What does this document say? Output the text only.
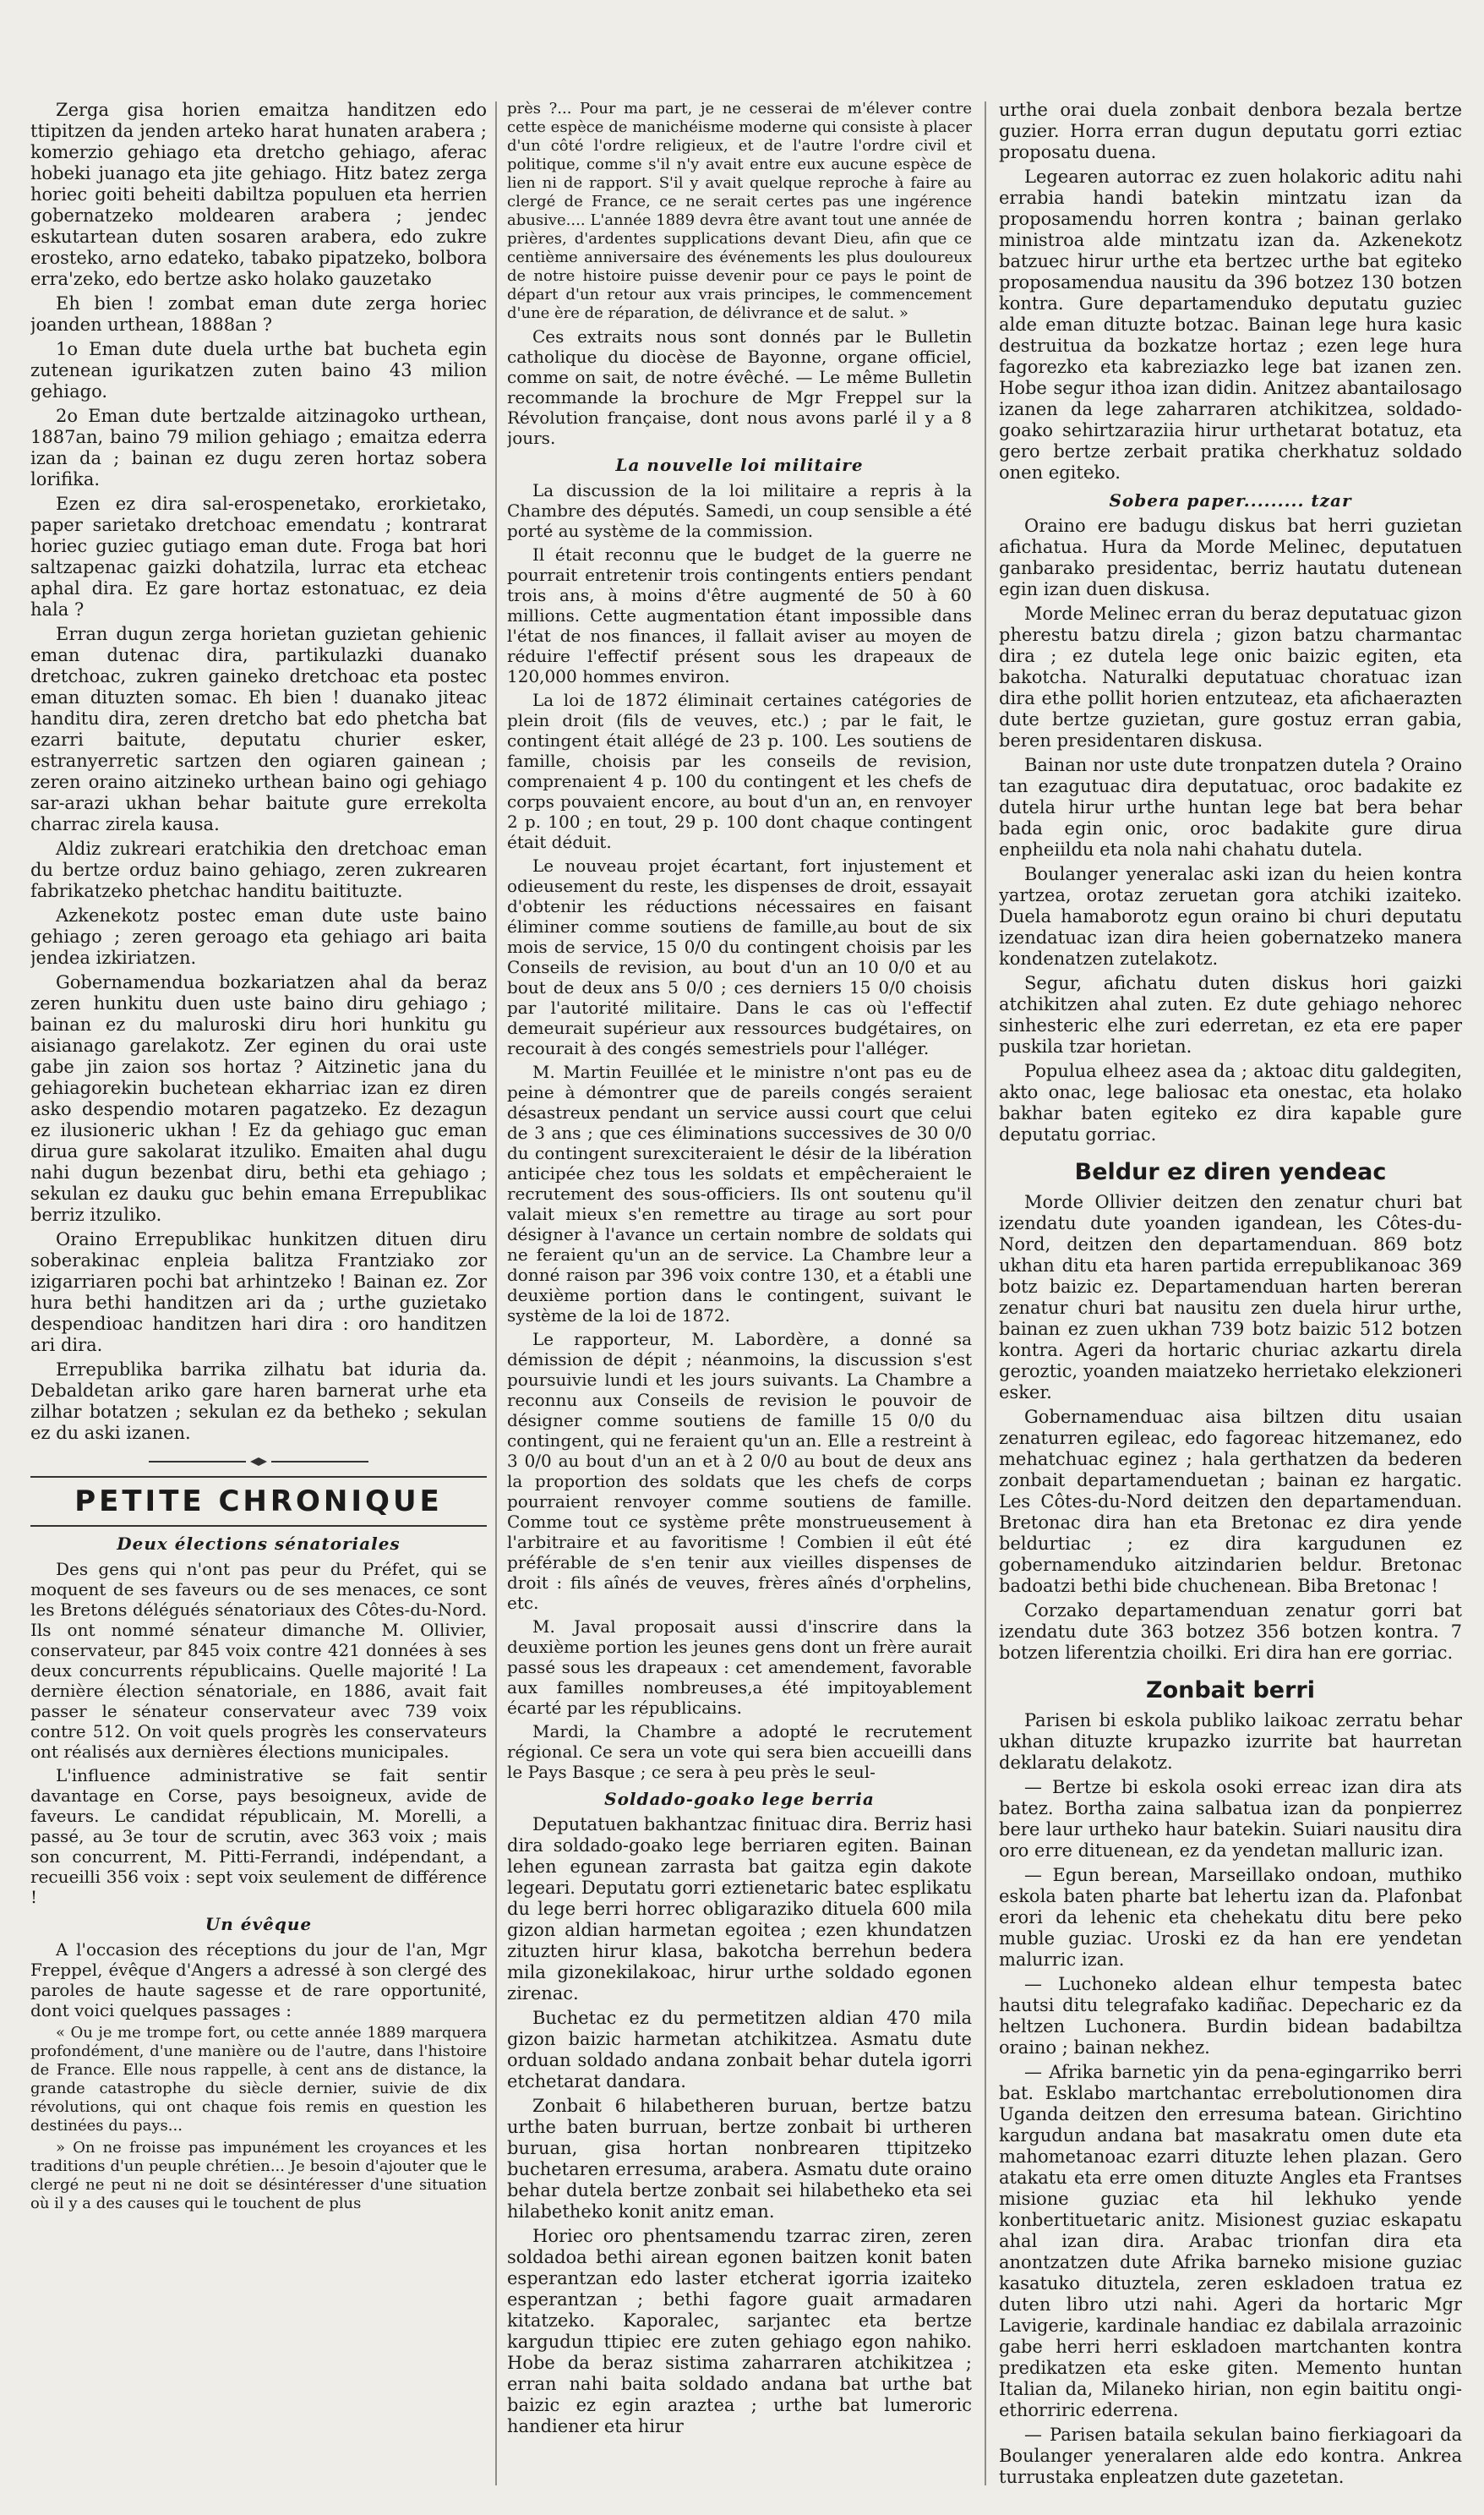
Zerga gisa horien emaitza handitzen edo ttipitzen da jenden arteko harat hunaten arabera ; komerzio gehiago eta dretcho gehiago, aferac hobeki juanago eta jite gehiago. Hitz batez zerga horiec goiti beheiti dabiltza populuen eta herrien gobernatzeko moldearen arabera ; jendec eskutartean duten sosaren arabera, edo zukre erosteko, arno edateko, tabako pipatzeko, bolbora erra'zeko, edo bertze asko holako gauzetako

Eh bien ! zombat eman dute zerga horiec joanden urthean, 1888an ?

1o Eman dute duela urthe bat bucheta egin zutenean igurikatzen zuten baino 43 milion gehiago.

2o Eman dute bertzalde aitzinagoko urthean, 1887an, baino 79 milion gehiago ; emaitza ederra izan da ; bainan ez dugu zeren hortaz sobera lorifika.

Ezen ez dira sal-erospenetako, erorkietako, paper sarietako dretchoac emendatu ; kontrarat horiec guziec gutiago eman dute. Froga bat hori saltzapenac gaizki dohatzila, lurrac eta etcheac aphal dira. Ez gare hortaz estonatuac, ez deia hala ?

Erran dugun zerga horietan guzietan gehienic eman dutenac dira, partikulazki duanako dretchoac, zukren gaineko dretchoac eta postec eman dituzten somac. Eh bien ! duanako jiteac handitu dira, zeren dretcho bat edo phetcha bat ezarri baitute, deputatu churier esker, estranyerretic sartzen den ogiaren gainean ; zeren oraino aitzineko urthean baino ogi gehiago sar-arazi ukhan behar baitute gure errekolta charrac zirela kausa.

Aldiz zukreari eratchikia den dretchoac eman du bertze orduz baino gehiago, zeren zukrearen fabrikatzeko phetchac handitu baitituzte.

Azkenekotz postec eman dute uste baino gehiago ; zeren geroago eta gehiago ari baita jendea izkiriatzen.

Gobernamendua bozkariatzen ahal da beraz zeren hunkitu duen uste baino diru gehiago ; bainan ez du maluroski diru hori hunkitu gu aisianago garelakotz. Zer eginen du orai uste gabe jin zaion sos hortaz ? Aitzinetic jana du gehiagorekin buchetean ekharriac izan ez diren asko despendio motaren pagatzeko. Ez dezagun ez ilusioneric ukhan ! Ez da gehiago guc eman dirua gure sakolarat itzuliko. Emaiten ahal dugu nahi dugun bezenbat diru, bethi eta gehiago ; sekulan ez dauku guc behin emana Errepublikac berriz itzuliko.

Oraino Errepublikac hunkitzen dituen diru soberakinac enpleia balitza Frantziako zor izigarriaren pochi bat arhintzeko ! Bainan ez. Zor hura bethi handitzen ari da ; urthe guzietako despendioac handitzen hari dira : oro handitzen ari dira.

Errepublika barrika zilhatu bat iduria da. Debaldetan ariko gare haren barnerat urhe eta zilhar botatzen ; sekulan ez da betheko ; sekulan ez du aski izanen.

PETITE CHRONIQUE
Deux élections sénatoriales

Des gens qui n'ont pas peur du Préfet, qui se moquent de ses faveurs ou de ses menaces, ce sont les Bretons délégués sénatoriaux des Côtes-du-Nord. Ils ont nommé sénateur dimanche M. Ollivier, conservateur, par 845 voix contre 421 données à ses deux concurrents républicains. Quelle majorité ! La dernière élection sénatoriale, en 1886, avait fait passer le sénateur conservateur avec 739 voix contre 512. On voit quels progrès les conservateurs ont réalisés aux dernières élections municipales.

L'influence administrative se fait sentir davantage en Corse, pays besoigneux, avide de faveurs. Le candidat républicain, M. Morelli, a passé, au 3e tour de scrutin, avec 363 voix ; mais son concurrent, M. Pitti-Ferrandi, indépendant, a recueilli 356 voix : sept voix seulement de différence !

Un évêque

A l'occasion des réceptions du jour de l'an, Mgr Freppel, évêque d'Angers a adressé à son clergé des paroles de haute sagesse et de rare opportunité, dont voici quelques passages :

« Ou je me trompe fort, ou cette année 1889 marquera profondément, d'une manière ou de l'autre, dans l'histoire de France. Elle nous rappelle, à cent ans de distance, la grande catastrophe du siècle dernier, suivie de dix révolutions, qui ont chaque fois remis en question les destinées du pays...

» On ne froisse pas impunément les croyances et les traditions d'un peuple chrétien... Je besoin d'ajouter que le clergé ne peut ni ne doit se désintéresser d'une situation où il y a des causes qui le touchent de plus

près ?... Pour ma part, je ne cesserai de m'élever contre cette espèce de manichéisme moderne qui consiste à placer d'un côté l'ordre religieux, et de l'autre l'ordre civil et politique, comme s'il n'y avait entre eux aucune espèce de lien ni de rapport. S'il y avait quelque reproche à faire au clergé de France, ce ne serait certes pas une ingérence abusive.... L'année 1889 devra être avant tout une année de prières, d'ardentes supplications devant Dieu, afin que ce centième anniversaire des événements les plus douloureux de notre histoire puisse devenir pour ce pays le point de départ d'un retour aux vrais principes, le commencement d'une ère de réparation, de délivrance et de salut. »

Ces extraits nous sont donnés par le Bulletin catholique du diocèse de Bayonne, organe officiel, comme on sait, de notre évêché. — Le même Bulletin recommande la brochure de Mgr Freppel sur la Révolution française, dont nous avons parlé il y a 8 jours.

La nouvelle loi militaire

La discussion de la loi militaire a repris à la Chambre des députés. Samedi, un coup sensible a été porté au système de la commission.

Il était reconnu que le budget de la guerre ne pourrait entretenir trois contingents entiers pendant trois ans, à moins d'être augmenté de 50 à 60 millions. Cette augmentation étant impossible dans l'état de nos finances, il fallait aviser au moyen de réduire l'effectif présent sous les drapeaux de 120,000 hommes environ.

La loi de 1872 éliminait certaines catégories de plein droit (fils de veuves, etc.) ; par le fait, le contingent était allégé de 23 p. 100. Les soutiens de famille, choisis par les conseils de revision, comprenaient 4 p. 100 du contingent et les chefs de corps pouvaient encore, au bout d'un an, en renvoyer 2 p. 100 ; en tout, 29 p. 100 dont chaque contingent était déduit.

Le nouveau projet écartant, fort injustement et odieusement du reste, les dispenses de droit, essayait d'obtenir les réductions nécessaires en faisant éliminer comme soutiens de famille,au bout de six mois de service, 15 0/0 du contingent choisis par les Conseils de revision, au bout d'un an 10 0/0 et au bout de deux ans 5 0/0 ; ces derniers 15 0/0 choisis par l'autorité militaire. Dans le cas où l'effectif demeurait supérieur aux ressources budgétaires, on recourait à des congés semestriels pour l'alléger.

M. Martin Feuillée et le ministre n'ont pas eu de peine à démontrer que de pareils congés seraient désastreux pendant un service aussi court que celui de 3 ans ; que ces éliminations successives de 30 0/0 du contingent surexciteraient le désir de la libération anticipée chez tous les soldats et empêcheraient le recrutement des sous-officiers. Ils ont soutenu qu'il valait mieux s'en remettre au tirage au sort pour désigner à l'avance un certain nombre de soldats qui ne feraient qu'un an de service. La Chambre leur a donné raison par 396 voix contre 130, et a établi une deuxième portion dans le contingent, suivant le système de la loi de 1872.

Le rapporteur, M. Labordère, a donné sa démission de dépit ; néanmoins, la discussion s'est poursuivie lundi et les jours suivants. La Chambre a reconnu aux Conseils de revision le pouvoir de désigner comme soutiens de famille 15 0/0 du contingent, qui ne feraient qu'un an. Elle a restreint à 3 0/0 au bout d'un an et à 2 0/0 au bout de deux ans la proportion des soldats que les chefs de corps pourraient renvoyer comme soutiens de famille. Comme tout ce système prête monstrueusement à l'arbitraire et au favoritisme ! Combien il eût été préférable de s'en tenir aux vieilles dispenses de droit : fils aînés de veuves, frères aînés d'orphelins, etc.

M. Javal proposait aussi d'inscrire dans la deuxième portion les jeunes gens dont un frère aurait passé sous les drapeaux : cet amendement, favorable aux familles nombreuses,a été impitoyablement écarté par les républicains.

Mardi, la Chambre a adopté le recrutement régional. Ce sera un vote qui sera bien accueilli dans le Pays Basque ; ce sera à peu près le seul-

Soldado-goako lege berria

Deputatuen bakhantzac finituac dira. Berriz hasi dira soldado-goako lege berriaren egiten. Bainan lehen egunean zarrasta bat gaitza egin dakote legeari. Deputatu gorri eztienetaric batec esplikatu du lege berri horrec obligaraziko dituela 600 mila gizon aldian harmetan egoitea ; ezen khundatzen zituzten hirur klasa, bakotcha berrehun bedera mila gizonekilakoac, hirur urthe soldado egonen zirenac.

Buchetac ez du permetitzen aldian 470 mila gizon baizic harmetan atchikitzea. Asmatu dute orduan soldado andana zonbait behar dutela igorri etchetarat dandara.

Zonbait 6 hilabetheren buruan, bertze batzu urthe baten burruan, bertze zonbait bi urtheren buruan, gisa hortan nonbrearen ttipitzeko buchetaren erresuma, arabera. Asmatu dute oraino behar dutela bertze zonbait sei hilabetheko eta sei hilabetheko konit anitz eman.

Horiec oro phentsamendu tzarrac ziren, zeren soldadoa bethi airean egonen baitzen konit baten esperantzan edo laster etcherat igorria izaiteko esperantzan ; bethi fagore guait armadaren kitatzeko. Kaporalec, sarjantec eta bertze kargudun ttipiec ere zuten gehiago egon nahiko. Hobe da beraz sistima zaharraren atchikitzea ; erran nahi baita soldado andana bat urthe bat baizic ez egin araztea ; urthe bat lumeroric handiener eta hirur

urthe orai duela zonbait denbora bezala bertze guzier. Horra erran dugun deputatu gorri eztiac proposatu duena.

Legearen autorrac ez zuen holakoric aditu nahi errabia handi batekin mintzatu izan da proposamendu horren kontra ; bainan gerlako ministroa alde mintzatu izan da. Azkenekotz batzuec hirur urthe eta bertzec urthe bat egiteko proposamendua nausitu da 396 botzez 130 botzen kontra. Gure departamenduko deputatu guziec alde eman dituzte botzac. Bainan lege hura kasic destruitua da bozkatze hortaz ; ezen lege hura fagorezko eta kabreziazko lege bat izanen zen. Hobe segur ithoa izan didin. Anitzez abantailosago izanen da lege zaharraren atchikitzea, soldado-goako sehirtzaraziia hirur urthetarat botatuz, eta gero bertze zerbait pratika cherkhatuz soldado onen egiteko.

Sobera paper......... tzar

Oraino ere badugu diskus bat herri guzietan afichatua. Hura da Morde Melinec, deputatuen ganbarako presidentac, berriz hautatu dutenean egin izan duen diskusa.

Morde Melinec erran du beraz deputatuac gizon pherestu batzu direla ; gizon batzu charmantac dira ; ez dutela lege onic baizic egiten, eta bakotcha. Naturalki deputatuac choratuac izan dira ethe pollit horien entzuteaz, eta afichaerazten dute bertze guzietan, gure gostuz erran gabia, beren presidentaren diskusa.

Bainan nor uste dute tronpatzen dutela ? Oraino tan ezagutuac dira deputatuac, oroc badakite ez dutela hirur urthe huntan lege bat bera behar bada egin onic, oroc badakite gure dirua enpheiildu eta nola nahi chahatu dutela.

Boulanger yeneralac aski izan du heien kontra yartzea, orotaz zeruetan gora atchiki izaiteko. Duela hamaborotz egun oraino bi churi deputatu izendatuac izan dira heien gobernatzeko manera kondenatzen zutelakotz.

Segur, afichatu duten diskus hori gaizki atchikitzen ahal zuten. Ez dute gehiago nehorec sinhesteric elhe zuri ederretan, ez eta ere paper puskila tzar horietan.

Populua elheez asea da ; aktoac ditu galdegiten, akto onac, lege baliosac eta onestac, eta holako bakhar baten egiteko ez dira kapable gure deputatu gorriac.

Beldur ez diren yendeac

Morde Ollivier deitzen den zenatur churi bat izendatu dute yoanden igandean, les Côtes-du-Nord, deitzen den departamenduan. 869 botz ukhan ditu eta haren partida errepublikanoac 369 botz baizic ez. Departamenduan harten bereran zenatur churi bat nausitu zen duela hirur urthe, bainan ez zuen ukhan 739 botz baizic 512 botzen kontra. Ageri da hortaric churiac azkartu direla geroztic, yoanden maiatzeko herrietako elekzioneri esker.

Gobernamenduac aisa biltzen ditu usaian zenaturren egileac, edo fagoreac hitzemanez, edo mehatchuac eginez ; hala gerthatzen da bederen zonbait departamenduetan ; bainan ez hargatic. Les Côtes-du-Nord deitzen den departamenduan. Bretonac dira han eta Bretonac ez dira yende beldurtiac ; ez dira kargudunen ez gobernamenduko aitzindarien beldur. Bretonac badoatzi bethi bide chuchenean. Biba Bretonac !

Corzako departamenduan zenatur gorri bat izendatu dute 363 botzez 356 botzen kontra. 7 botzen liferentzia choilki. Eri dira han ere gorriac.

Zonbait berri

Parisen bi eskola publiko laikoac zerratu behar ukhan dituzte krupazko izurrite bat haurretan deklaratu delakotz.

— Bertze bi eskola osoki erreac izan dira ats batez. Bortha zaina salbatua izan da ponpierrez bere laur urtheko haur batekin. Suiari nausitu dira oro erre dituenean, ez da yendetan malluric izan.

— Egun berean, Marseillako ondoan, muthiko eskola baten pharte bat lehertu izan da. Plafonbat erori da lehenic eta chehekatu ditu bere peko muble guziac. Uroski ez da han ere yendetan malurric izan.

— Luchoneko aldean elhur tempesta batec hautsi ditu telegrafako kadiñac. Depecharic ez da heltzen Luchonera. Burdin bidean badabiltza oraino ; bainan nekhez.

— Afrika barnetic yin da pena-egingarriko berri bat. Esklabo martchantac errebolutionomen dira Uganda deitzen den erresuma batean. Girichtino kargudun andana bat masakratu omen dute eta mahometanoac ezarri dituzte lehen plazan. Gero atakatu eta erre omen dituzte Angles eta Frantses misione guziac eta hil lekhuko yende konbertituetaric anitz. Misionest guziac eskapatu ahal izan dira. Arabac trionfan dira eta anontzatzen dute Afrika barneko misione guziac kasatuko dituztela, zeren eskladoen tratua ez duten libro utzi nahi. Ageri da hortaric Mgr Lavigerie, kardinale handiac ez dabilala arrazoinic gabe herri herri eskladoen martchanten kontra predikatzen eta eske giten. Memento huntan Italian da, Milaneko hirian, non egin baititu ongi-ethorriric ederrena.

— Parisen bataila sekulan baino fierkiagoari da Boulanger yeneralaren alde edo kontra. Ankrea turrustaka enpleatzen dute gazetetan.
